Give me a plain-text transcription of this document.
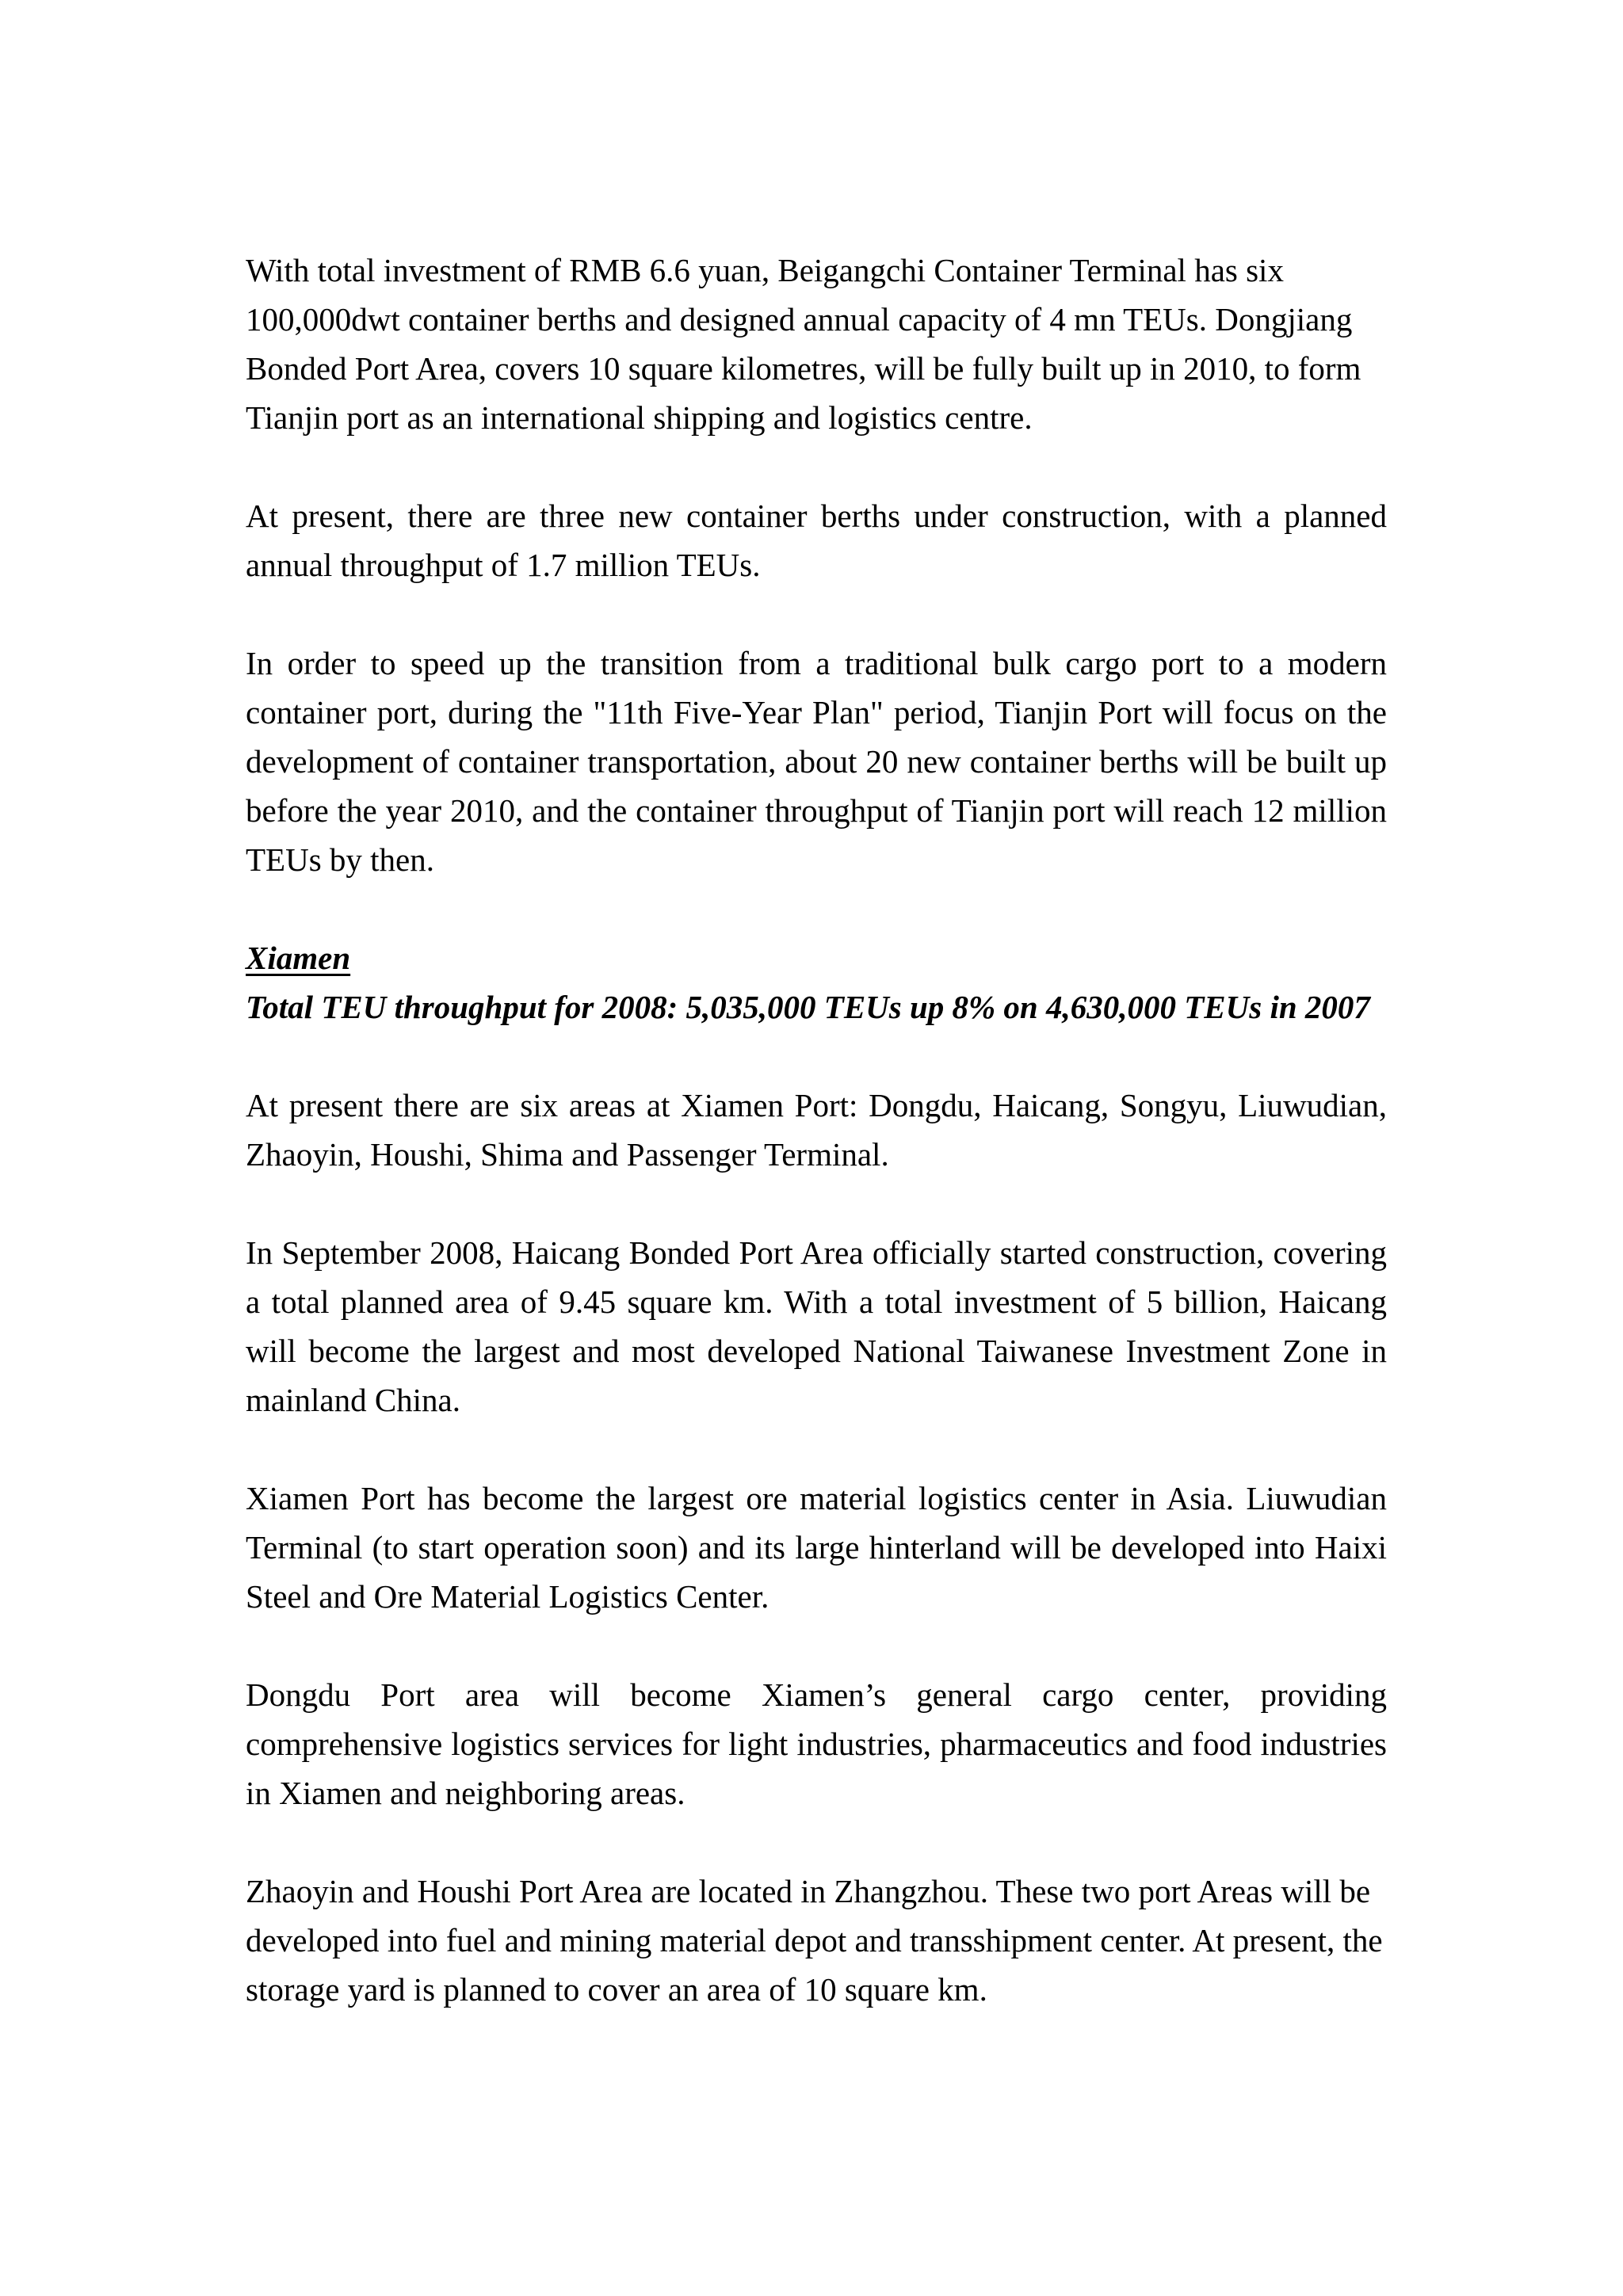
With total investment of RMB 6.6 yuan, Beigangchi Container Terminal has six 100,000dwt container berths and designed annual capacity of 4 mn TEUs. Dongjiang Bonded Port Area, covers 10 square kilometres, will be fully built up in 2010, to form Tianjin port as an international shipping and logistics centre.

At present, there are three new container berths under construction, with a planned annual throughput of 1.7 million TEUs.

In order to speed up the transition from a traditional bulk cargo port to a modern container port, during the "11th Five-Year Plan" period, Tianjin Port will focus on the development of container transportation, about 20 new container berths will be built up before the year 2010, and the container throughput of Tianjin port will reach 12 million TEUs by then.

Xiamen

Total TEU throughput for 2008: 5,035,000 TEUs up 8% on 4,630,000 TEUs in 2007

At present there are six areas at Xiamen Port: Dongdu, Haicang, Songyu, Liuwudian, Zhaoyin, Houshi, Shima and Passenger Terminal.

In September 2008, Haicang Bonded Port Area officially started construction, covering a total planned area of 9.45 square km. With a total investment of 5 billion, Haicang will become the largest and most developed National Taiwanese Investment Zone in mainland China.

Xiamen Port has become the largest ore material logistics center in Asia. Liuwudian Terminal (to start operation soon) and its large hinterland will be developed into Haixi Steel and Ore Material Logistics Center.

Dongdu Port area will become Xiamen’s general cargo center, providing comprehensive logistics services for light industries, pharmaceutics and food industries in Xiamen and neighboring areas.

Zhaoyin and Houshi Port Area are located in Zhangzhou. These two port Areas will be developed into fuel and mining material depot and transshipment center. At present, the storage yard is planned to cover an area of 10 square km.
